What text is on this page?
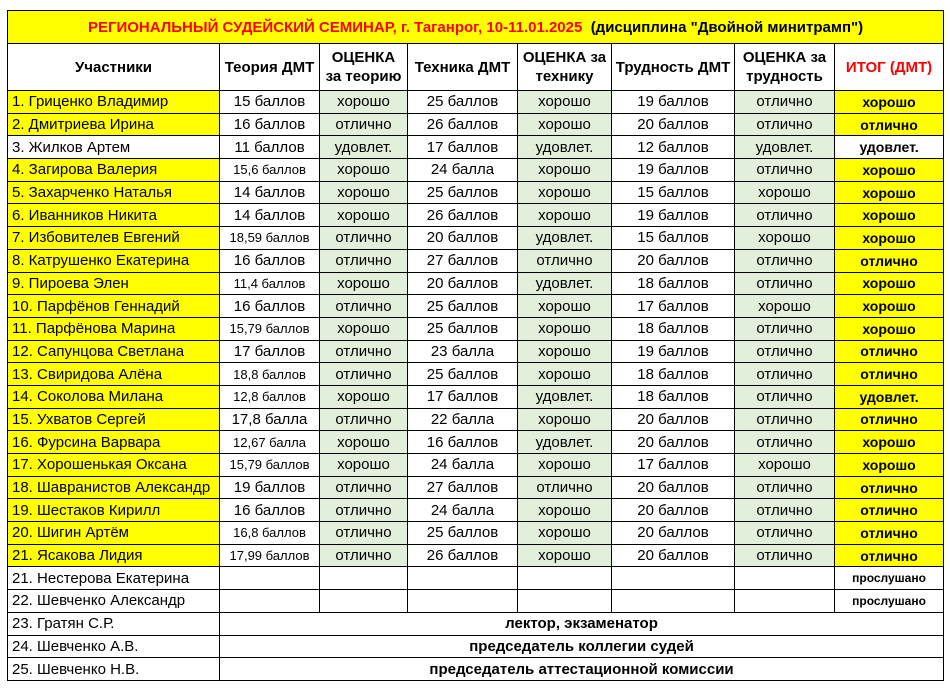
РЕГИОНАЛЬНЫЙ СУДЕЙСКИЙ СЕМИНАР, г. Таганрог, 10-11.01.2025 (дисциплина "Двойной минитрамп")							
Участники	Теория ДМТ	ОЦЕНКА за теорию	Техника ДМТ	ОЦЕНКА за технику	Трудность ДМТ	ОЦЕНКА за трудность	ИТОГ (ДМТ)
1. Гриценко Владимир	15 баллов	хорошо	25 баллов	хорошо	19 баллов	отлично	хорошо
2. Дмитриева Ирина	16 баллов	отлично	26 баллов	хорошо	20 баллов	отлично	отлично
3. Жилков Артем	11 баллов	удовлет.	17 баллов	удовлет.	12 баллов	удовлет.	удовлет.
4. Загирова Валерия	15,6 баллов	хорошо	24 балла	хорошо	19 баллов	отлично	хорошо
5. Захарченко Наталья	14 баллов	хорошо	25 баллов	хорошо	15 баллов	хорошо	хорошо
6. Иванников Никита	14 баллов	хорошо	26 баллов	хорошо	19 баллов	отлично	хорошо
7. Избовителев Евгений	18,59 баллов	отлично	20 баллов	удовлет.	15 баллов	хорошо	хорошо
8. Катрушенко Екатерина	16 баллов	отлично	27 баллов	отлично	20 баллов	отлично	отлично
9. Пироева Элен	11,4 баллов	хорошо	20 баллов	удовлет.	18 баллов	отлично	хорошо
10. Парфёнов Геннадий	16 баллов	отлично	25 баллов	хорошо	17 баллов	хорошо	хорошо
11. Парфёнова Марина	15,79 баллов	хорошо	25 баллов	хорошо	18 баллов	отлично	хорошо
12. Сапунцова Светлана	17 баллов	отлично	23 балла	хорошо	19 баллов	отлично	отлично
13. Свиридова Алёна	18,8 баллов	отлично	25 баллов	хорошо	18 баллов	отлично	отлично
14. Соколова Милана	12,8 баллов	хорошо	17 баллов	удовлет.	18 баллов	отлично	удовлет.
15. Ухватов Сергей	17,8 балла	отлично	22 балла	хорошо	20 баллов	отлично	отлично
16. Фурсина Варвара	12,67 балла	хорошо	16 баллов	удовлет.	20 баллов	отлично	хорошо
17. Хорошенькая Оксана	15,79 баллов	хорошо	24 балла	хорошо	17 баллов	хорошо	хорошо
18. Шавранистов Александр	19 баллов	отлично	27 баллов	отлично	20 баллов	отлично	отлично
19. Шестаков Кирилл	16 баллов	отлично	24 балла	хорошо	20 баллов	отлично	отлично
20. Шигин Артём	16,8 баллов	отлично	25 баллов	хорошо	20 баллов	отлично	отлично
21. Ясакова Лидия	17,99 баллов	отлично	26 баллов	хорошо	20 баллов	отлично	отлично
21. Нестерова Екатерина							прослушано
22. Шевченко Александр							прослушано
23. Гратян С.Р.	лектор, экзаменатор						
24. Шевченко А.В.	председатель коллегии судей						
25. Шевченко Н.В.	председатель аттестационной комиссии						
